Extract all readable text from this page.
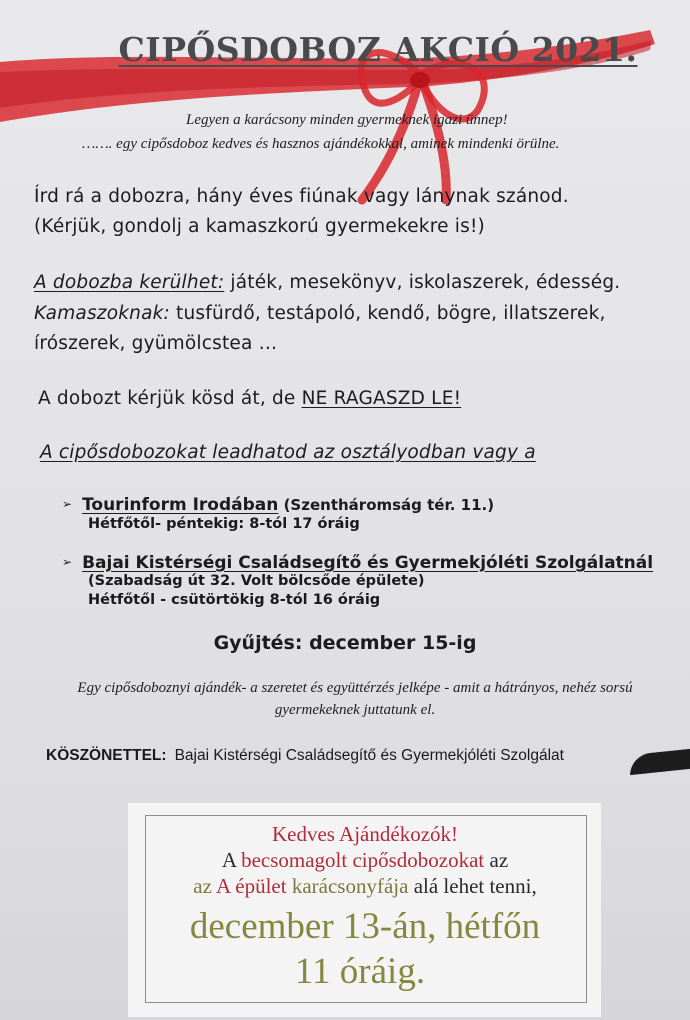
CIPŐSDOBOZ AKCIÓ 2021.
Legyen a karácsony minden gyermeknek igazi ünnep!
……. egy cipősdoboz kedves és hasznos ajándékokkal, aminek mindenki örülne.
Írd rá a dobozra, hány éves fiúnak vagy lánynak szánod.
(Kérjük, gondolj a kamaszkorú gyermekekre is!)
A dobozba kerülhet: játék, mesekönyv, iskolaszerek, édesség.
Kamaszoknak: tusfürdő, testápoló, kendő, bögre, illatszerek,
írószerek, gyümölcstea …
A dobozt kérjük kösd át, de NE RAGASZD LE!
A cipősdobozokat leadhatod az osztályodban vagy a
➢ Tourinform Irodában (Szentháromság tér. 11.)
Hétfőtől- péntekig: 8-tól 17 óráig
➢ Bajai Kistérségi Családsegítő és Gyermekjóléti Szolgálatnál
(Szabadság út 32. Volt bölcsőde épülete)
Hétfőtől - csütörtökig 8-tól 16 óráig
Gyűjtés: december 15-ig
Egy cipősdoboznyi ajándék- a szeretet és együttérzés jelképe - amit a hátrányos, nehéz sorsú
gyermekeknek juttatunk el.
KÖSZÖNETTEL: Bajai Kistérségi Családsegítő és Gyermekjóléti Szolgálat
Kedves Ajándékozók!
A becsomagolt cipősdobozokat az
az A épület karácsonyfája alá lehet tenni,
december 13-án, hétfőn
11 óráig.
